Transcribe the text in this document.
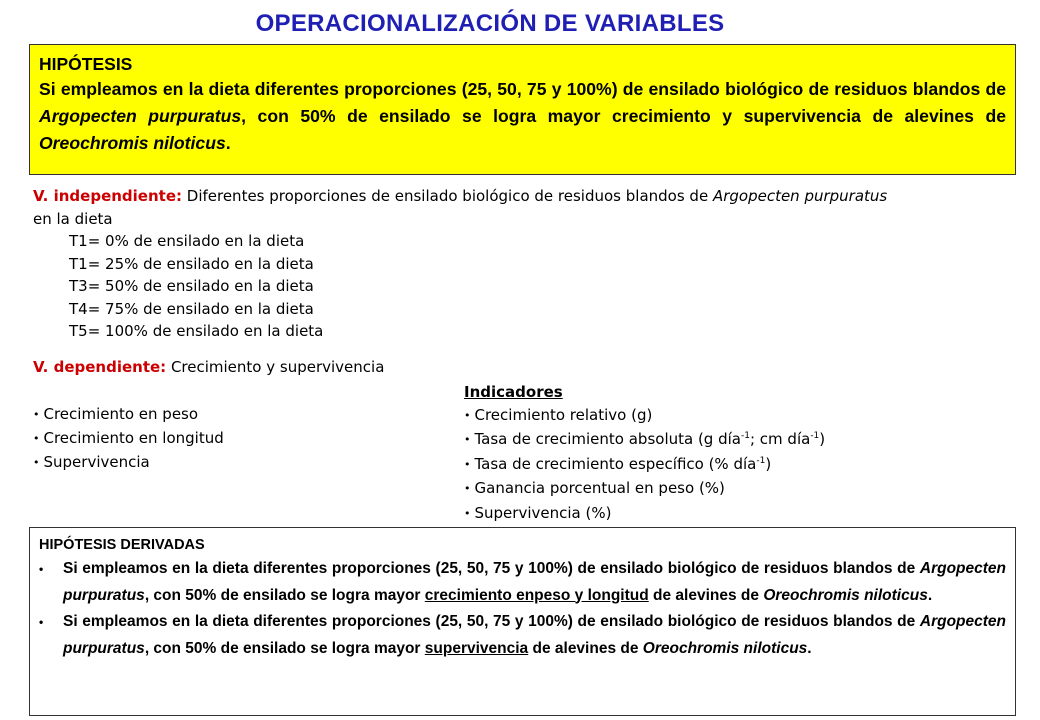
OPERACIONALIZACIÓN DE VARIABLES
HIPÓTESIS
Si empleamos en la dieta diferentes proporciones (25, 50, 75 y 100%) de ensilado biológico de residuos blandos de Argopecten purpuratus, con 50% de ensilado se logra mayor crecimiento y supervivencia de alevines de Oreochromis niloticus.
V. independiente: Diferentes proporciones de ensilado biológico de residuos blandos de Argopecten purpuratus en la dieta
T1= 0% de ensilado en la dieta
T1= 25% de ensilado en la dieta
T3= 50% de ensilado en la dieta
T4= 75% de ensilado en la dieta
T5= 100% de ensilado en la dieta
V. dependiente: Crecimiento y supervivencia
• Crecimiento en peso
• Crecimiento en longitud
• Supervivencia
Indicadores
• Crecimiento relativo (g)
• Tasa de crecimiento absoluta (g día$^{-1}$; cm día$^{-1}$)
• Tasa de crecimiento específico (% día$^{-1}$)
• Ganancia porcentual en peso (%)
• Supervivencia (%)
HIPÓTESIS DERIVADAS
•	Si empleamos en la dieta diferentes proporciones (25, 50, 75 y 100%) de ensilado biológico de residuos blandos de Argopecten purpuratus, con 50% de ensilado se logra mayor crecimiento enpeso y longitud de alevines de Oreochromis niloticus.
•	Si empleamos en la dieta diferentes proporciones (25, 50, 75 y 100%) de ensilado biológico de residuos blandos de Argopecten purpuratus, con 50% de ensilado se logra mayor supervivencia de alevines de Oreochromis niloticus.
